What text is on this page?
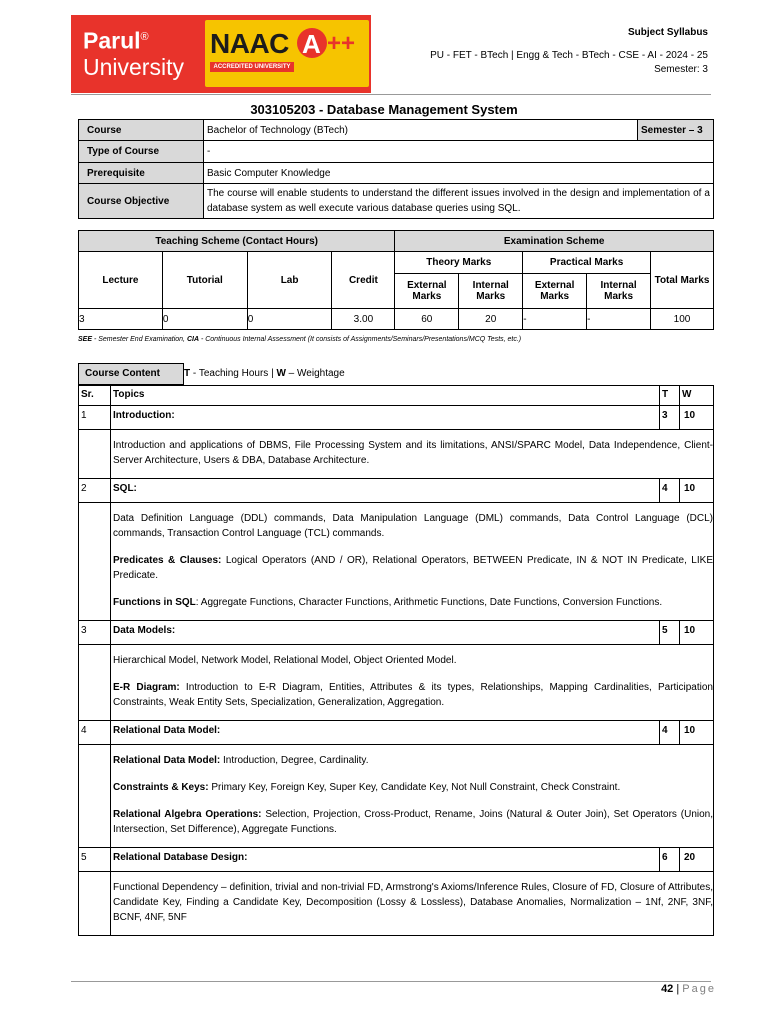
Parul®
University
NAAC A ++
ACCREDITED UNIVERSITY
Subject Syllabus
PU - FET - BTech | Engg & Tech - BTech - CSE - AI - 2024 - 25
Semester: 3
303105203 - Database Management System
Course	Bachelor of Technology (BTech)	Semester – 3
Type of Course	-	
Prerequisite	Basic Computer Knowledge	
Course Objective	The course will enable students to understand the different issues involved in the design and implementation of a database system as well execute various database queries using SQL.	
Teaching Scheme (Contact Hours)				Examination Scheme				
Lecture	Tutorial	Lab	Credit	Theory Marks		Practical Marks		Total Marks
				External Marks	Internal Marks	External Marks	Internal Marks	
3	0	0	3.00	60	20	-	-	100
SEE - Semester End Examination, CIA - Continuous Internal Assessment (It consists of Assignments/Seminars/Presentations/MCQ Tests, etc.)
Course Content	T - Teaching Hours | W – Weightage
Sr.	Topics	T	W
1	Introduction:	3	10

	Introduction and applications of DBMS, File Processing System and its limitations, ANSI/SPARC Model, Data Independence, Client-Server Architecture, Users & DBA, Database Architecture.		

2	SQL:	4	10

	Data Definition Language (DDL) commands, Data Manipulation Language (DML) commands, Data Control Language (DCL) commands, Transaction Control Language (TCL) commands.
Predicates & Clauses: Logical Operators (AND / OR), Relational Operators, BETWEEN Predicate, IN & NOT IN Predicate, LIKE Predicate.
Functions in SQL: Aggregate Functions, Character Functions, Arithmetic Functions, Date Functions, Conversion Functions.		

3	Data Models:	5	10

	Hierarchical Model, Network Model, Relational Model, Object Oriented Model.
E-R Diagram: Introduction to E-R Diagram, Entities, Attributes & its types, Relationships, Mapping Cardinalities, Participation Constraints, Weak Entity Sets, Specialization, Generalization, Aggregation.		

4	Relational Data Model:	4	10

	Relational Data Model: Introduction, Degree, Cardinality.
Constraints & Keys: Primary Key, Foreign Key, Super Key, Candidate Key, Not Null Constraint, Check Constraint.
Relational Algebra Operations: Selection, Projection, Cross-Product, Rename, Joins (Natural & Outer Join), Set Operators (Union, Intersection, Set Difference), Aggregate Functions.		

5	Relational Database Design:	6	20

	Functional Dependency – definition, trivial and non-trivial FD, Armstrong's Axioms/Inference Rules, Closure of FD, Closure of Attributes, Candidate Key, Finding a Candidate Key, Decomposition (Lossy & Lossless), Database Anomalies, Normalization – 1Nf, 2NF, 3NF, BCNF, 4NF, 5NF		
42 | Page
